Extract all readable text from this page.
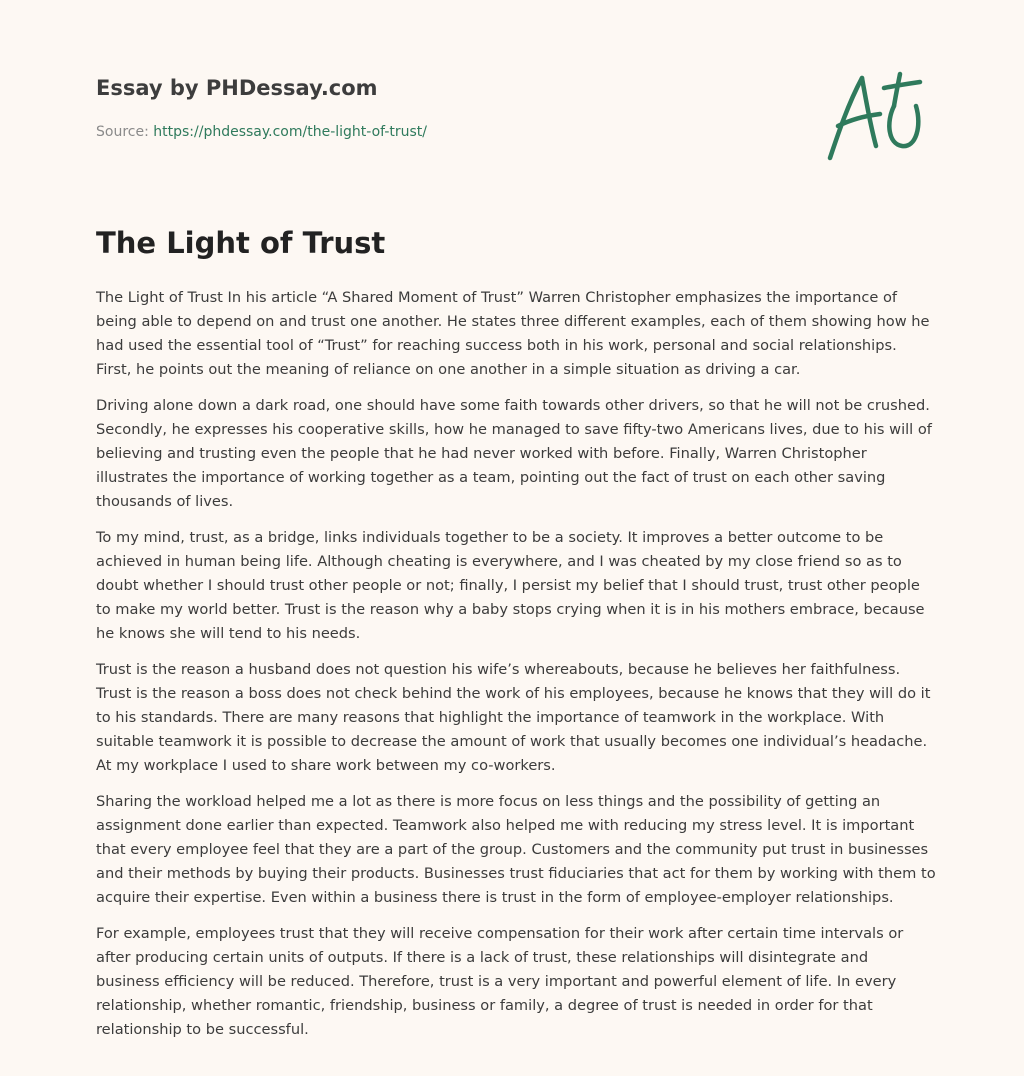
Essay by PHDessay.com
Source: https://phdessay.com/the-light-of-trust/
The Light of Trust

The Light of Trust In his article “A Shared Moment of Trust” Warren Christopher emphasizes the importance of being able to depend on and trust one another. He states three different examples, each of them showing how he had used the essential tool of “Trust” for reaching success both in his work, personal and social relationships. First, he points out the meaning of reliance on one another in a simple situation as driving a car.

Driving alone down a dark road, one should have some faith towards other drivers, so that he will not be crushed. Secondly, he expresses his cooperative skills, how he managed to save fifty-two Americans lives, due to his will of believing and trusting even the people that he had never worked with before. Finally, Warren Christopher illustrates the importance of working together as a team, pointing out the fact of trust on each other saving thousands of lives.

To my mind, trust, as a bridge, links individuals together to be a society. It improves a better outcome to be achieved in human being life. Although cheating is everywhere, and I was cheated by my close friend so as to doubt whether I should trust other people or not; finally, I persist my belief that I should trust, trust other people to make my world better. Trust is the reason why a baby stops crying when it is in his mothers embrace, because he knows she will tend to his needs.

Trust is the reason a husband does not question his wife’s whereabouts, because he believes her faithfulness. Trust is the reason a boss does not check behind the work of his employees, because he knows that they will do it to his standards. There are many reasons that highlight the importance of teamwork in the workplace. With suitable teamwork it is possible to decrease the amount of work that usually becomes one individual’s headache. At my workplace I used to share work between my co-workers.

Sharing the workload helped me a lot as there is more focus on less things and the possibility of getting an assignment done earlier than expected. Teamwork also helped me with reducing my stress level. It is important that every employee feel that they are a part of the group. Customers and the community put trust in businesses and their methods by buying their products. Businesses trust fiduciaries that act for them by working with them to acquire their expertise. Even within a business there is trust in the form of employee-employer relationships.

For example, employees trust that they will receive compensation for their work after certain time intervals or after producing certain units of outputs. If there is a lack of trust, these relationships will disintegrate and business efficiency will be reduced. Therefore, trust is a very important and powerful element of life. In every relationship, whether romantic, friendship, business or family, a degree of trust is needed in order for that relationship to be successful.
